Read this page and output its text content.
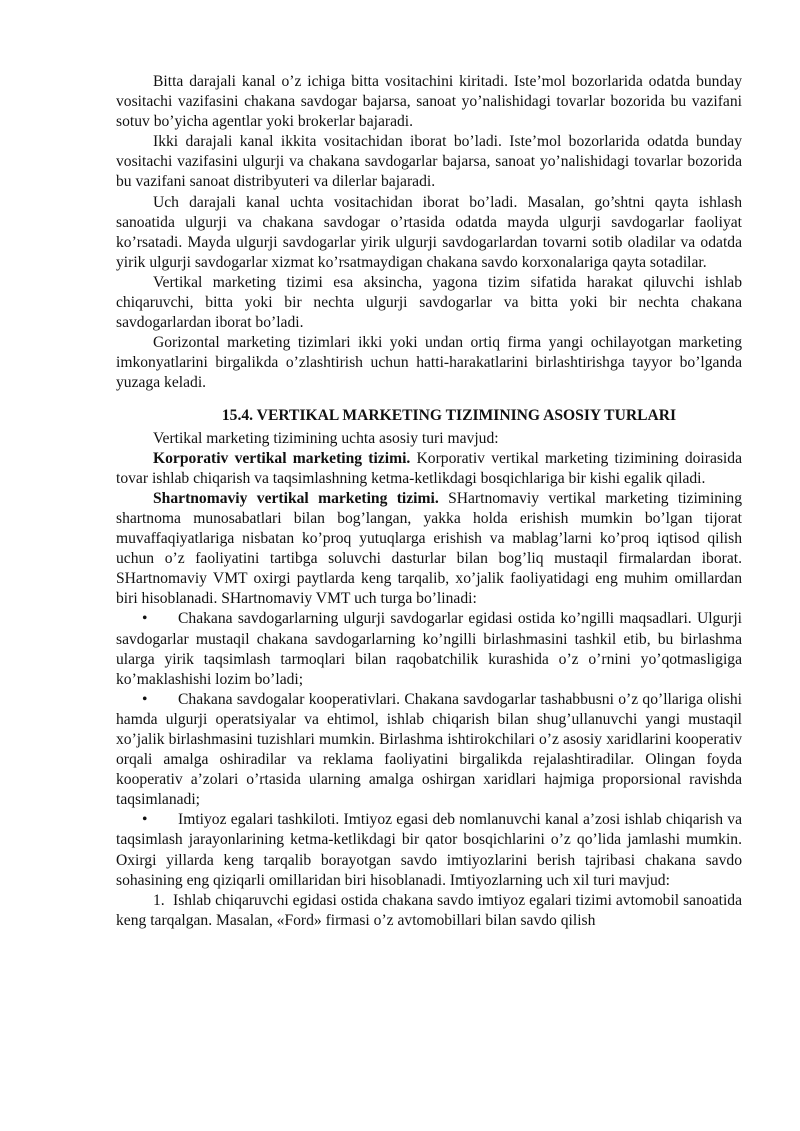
Bitta darajali kanal o’z ichiga bitta vositachini kiritadi. Iste’mol bozorlarida odatda bunday vositachi vazifasini chakana savdogar bajarsa, sanoat yo’nalishidagi tovarlar bozorida bu vazifani sotuv bo’yicha agentlar yoki brokerlar bajaradi.

Ikki darajali kanal ikkita vositachidan iborat bo’ladi. Iste’mol bozorlarida odatda bunday vositachi vazifasini ulgurji va chakana savdogarlar bajarsa, sanoat yo’nalishidagi tovarlar bozorida bu vazifani sanoat distribyuteri va dilerlar bajaradi.

Uch darajali kanal uchta vositachidan iborat bo’ladi. Masalan, go’shtni qayta ishlash sanoatida ulgurji va chakana savdogar o’rtasida odatda mayda ulgurji savdogarlar faoliyat ko’rsatadi. Mayda ulgurji savdogarlar yirik ulgurji savdogarlardan tovarni sotib oladilar va odatda yirik ulgurji savdogarlar xizmat ko’rsatmaydigan chakana savdo korxonalariga qayta sotadilar.

Vertikal marketing tizimi esa aksincha, yagona tizim sifatida harakat qiluvchi ishlab chiqaruvchi, bitta yoki bir nechta ulgurji savdogarlar va bitta yoki bir nechta chakana savdogarlardan iborat bo’ladi.

Gorizontal marketing tizimlari ikki yoki undan ortiq firma yangi ochilayotgan marketing imkonyatlarini birgalikda o’zlashtirish uchun hatti-harakatlarini birlashtirishga tayyor bo’lganda yuzaga keladi.

15.4. VERTIKAL MARKETING TIZIMINING ASOSIY TURLARI

Vertikal marketing tizimining uchta asosiy turi mavjud:

Korporativ vertikal marketing tizimi. Korporativ vertikal marketing tizimining doirasida tovar ishlab chiqarish va taqsimlashning ketma-ketlikdagi bosqichlariga bir kishi egalik qiladi.

Shartnomaviy vertikal marketing tizimi. SHartnomaviy vertikal marketing tizimining shartnoma munosabatlari bilan bog’langan, yakka holda erishish mumkin bo’lgan tijorat muvaffaqiyatlariga nisbatan ko’proq yutuqlarga erishish va mablag’larni ko’proq iqtisod qilish uchun o’z faoliyatini tartibga soluvchi dasturlar bilan bog’liq mustaqil firmalardan iborat. SHartnomaviy VMT oxirgi paytlarda keng tarqalib, xo’jalik faoliyatidagi eng muhim omillardan biri hisoblanadi. SHartnomaviy VMT uch turga bo’linadi:

• Chakana savdogarlarning ulgurji savdogarlar egidasi ostida ko’ngilli maqsadlari. Ulgurji savdogarlar mustaqil chakana savdogarlarning ko’ngilli birlashmasini tashkil etib, bu birlashma ularga yirik taqsimlash tarmoqlari bilan raqobatchilik kurashida o’z o’rnini yo’qotmasligiga ko’maklashishi lozim bo’ladi;

• Chakana savdogalar kooperativlari. Chakana savdogarlar tashabbusni o’z qo’llariga olishi hamda ulgurji operatsiyalar va ehtimol, ishlab chiqarish bilan shug’ullanuvchi yangi mustaqil xo’jalik birlashmasini tuzishlari mumkin. Birlashma ishtirokchilari o’z asosiy xaridlarini kooperativ orqali amalga oshiradilar va reklama faoliyatini birgalikda rejalashtiradilar. Olingan foyda kooperativ a’zolari o’rtasida ularning amalga oshirgan xaridlari hajmiga proporsional ravishda taqsimlanadi;

• Imtiyoz egalari tashkiloti. Imtiyoz egasi deb nomlanuvchi kanal a’zosi ishlab chiqarish va taqsimlash jarayonlarining ketma-ketlikdagi bir qator bosqichlarini o’z qo’lida jamlashi mumkin. Oxirgi yillarda keng tarqalib borayotgan savdo imtiyozlarini berish tajribasi chakana savdo sohasining eng qiziqarli omillaridan biri hisoblanadi. Imtiyozlarning uch xil turi mavjud:

1. Ishlab chiqaruvchi egidasi ostida chakana savdo imtiyoz egalari tizimi avtomobil sanoatida keng tarqalgan. Masalan, «Ford» firmasi o’z avtomobillari bilan savdo qilish
